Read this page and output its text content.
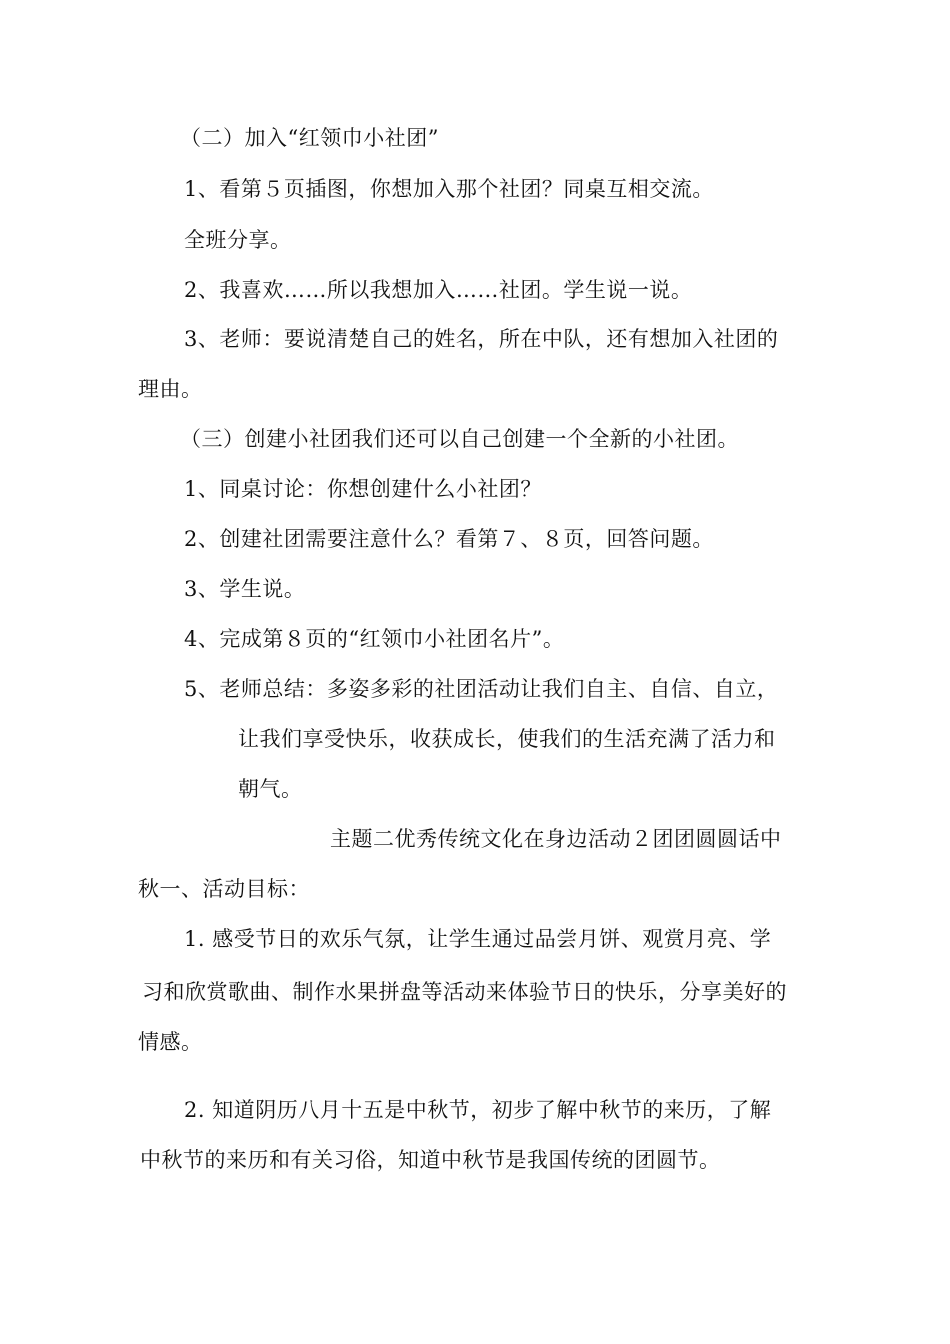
（二）加入“红领巾小社团”
1、看第５页插图，你想加入那个社团？同桌互相交流。
全班分享。
2、我喜欢……所以我想加入……社团。学生说一说。
3、老师：要说清楚自己的姓名，所在中队，还有想加入社团的
理由。
（三）创建小社团我们还可以自己创建一个全新的小社团。
1、同桌讨论：你想创建什么小社团？
2、创建社团需要注意什么？看第７、８页，回答问题。
3、学生说。
4、完成第８页的“红领巾小社团名片”。
5、老师总结：多姿多彩的社团活动让我们自主、自信、自立，
让我们享受快乐，收获成长，使我们的生活充满了活力和
朝气。
主题二优秀传统文化在身边活动２团团圆圆话中
秋一、活动目标：
1. 感受节日的欢乐气氛，让学生通过品尝月饼、观赏月亮、学
习和欣赏歌曲、制作水果拼盘等活动来体验节日的快乐，分享美好的
情感。
2. 知道阴历八月十五是中秋节，初步了解中秋节的来历，了解
中秋节的来历和有关习俗，知道中秋节是我国传统的团圆节。
